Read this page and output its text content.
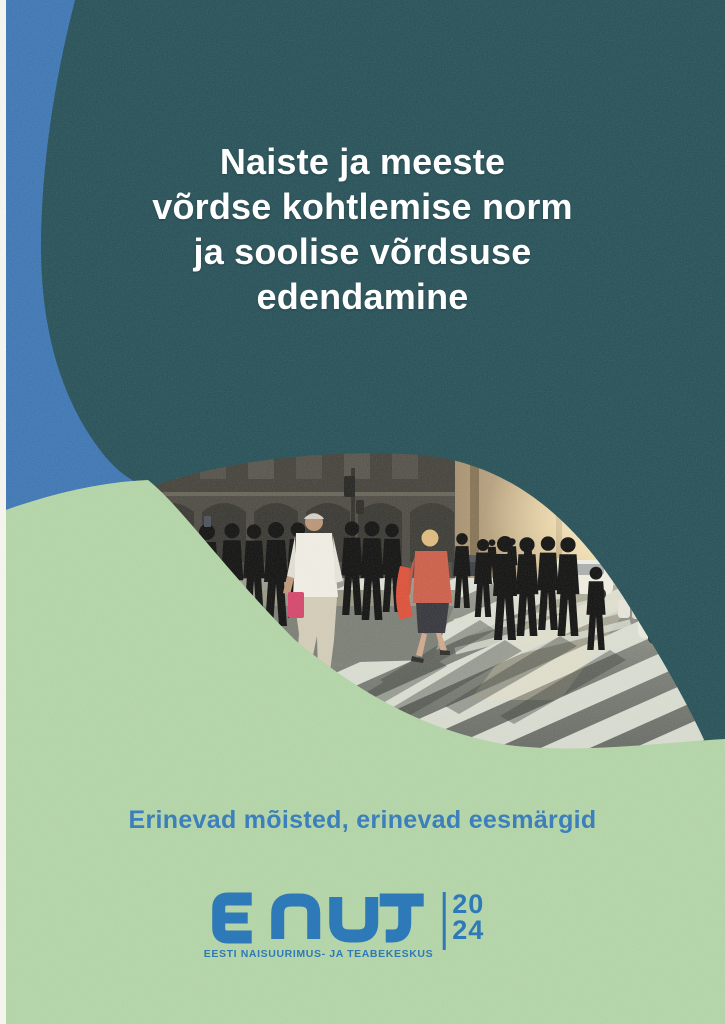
Naiste ja meeste
võrdse kohtlemise norm
ja soolise võrdsuse
edendamine
Erinevad mõisted, erinevad eesmärgid
EESTI NAISUURIMUS- JA TEABEKESKUS
20
24
